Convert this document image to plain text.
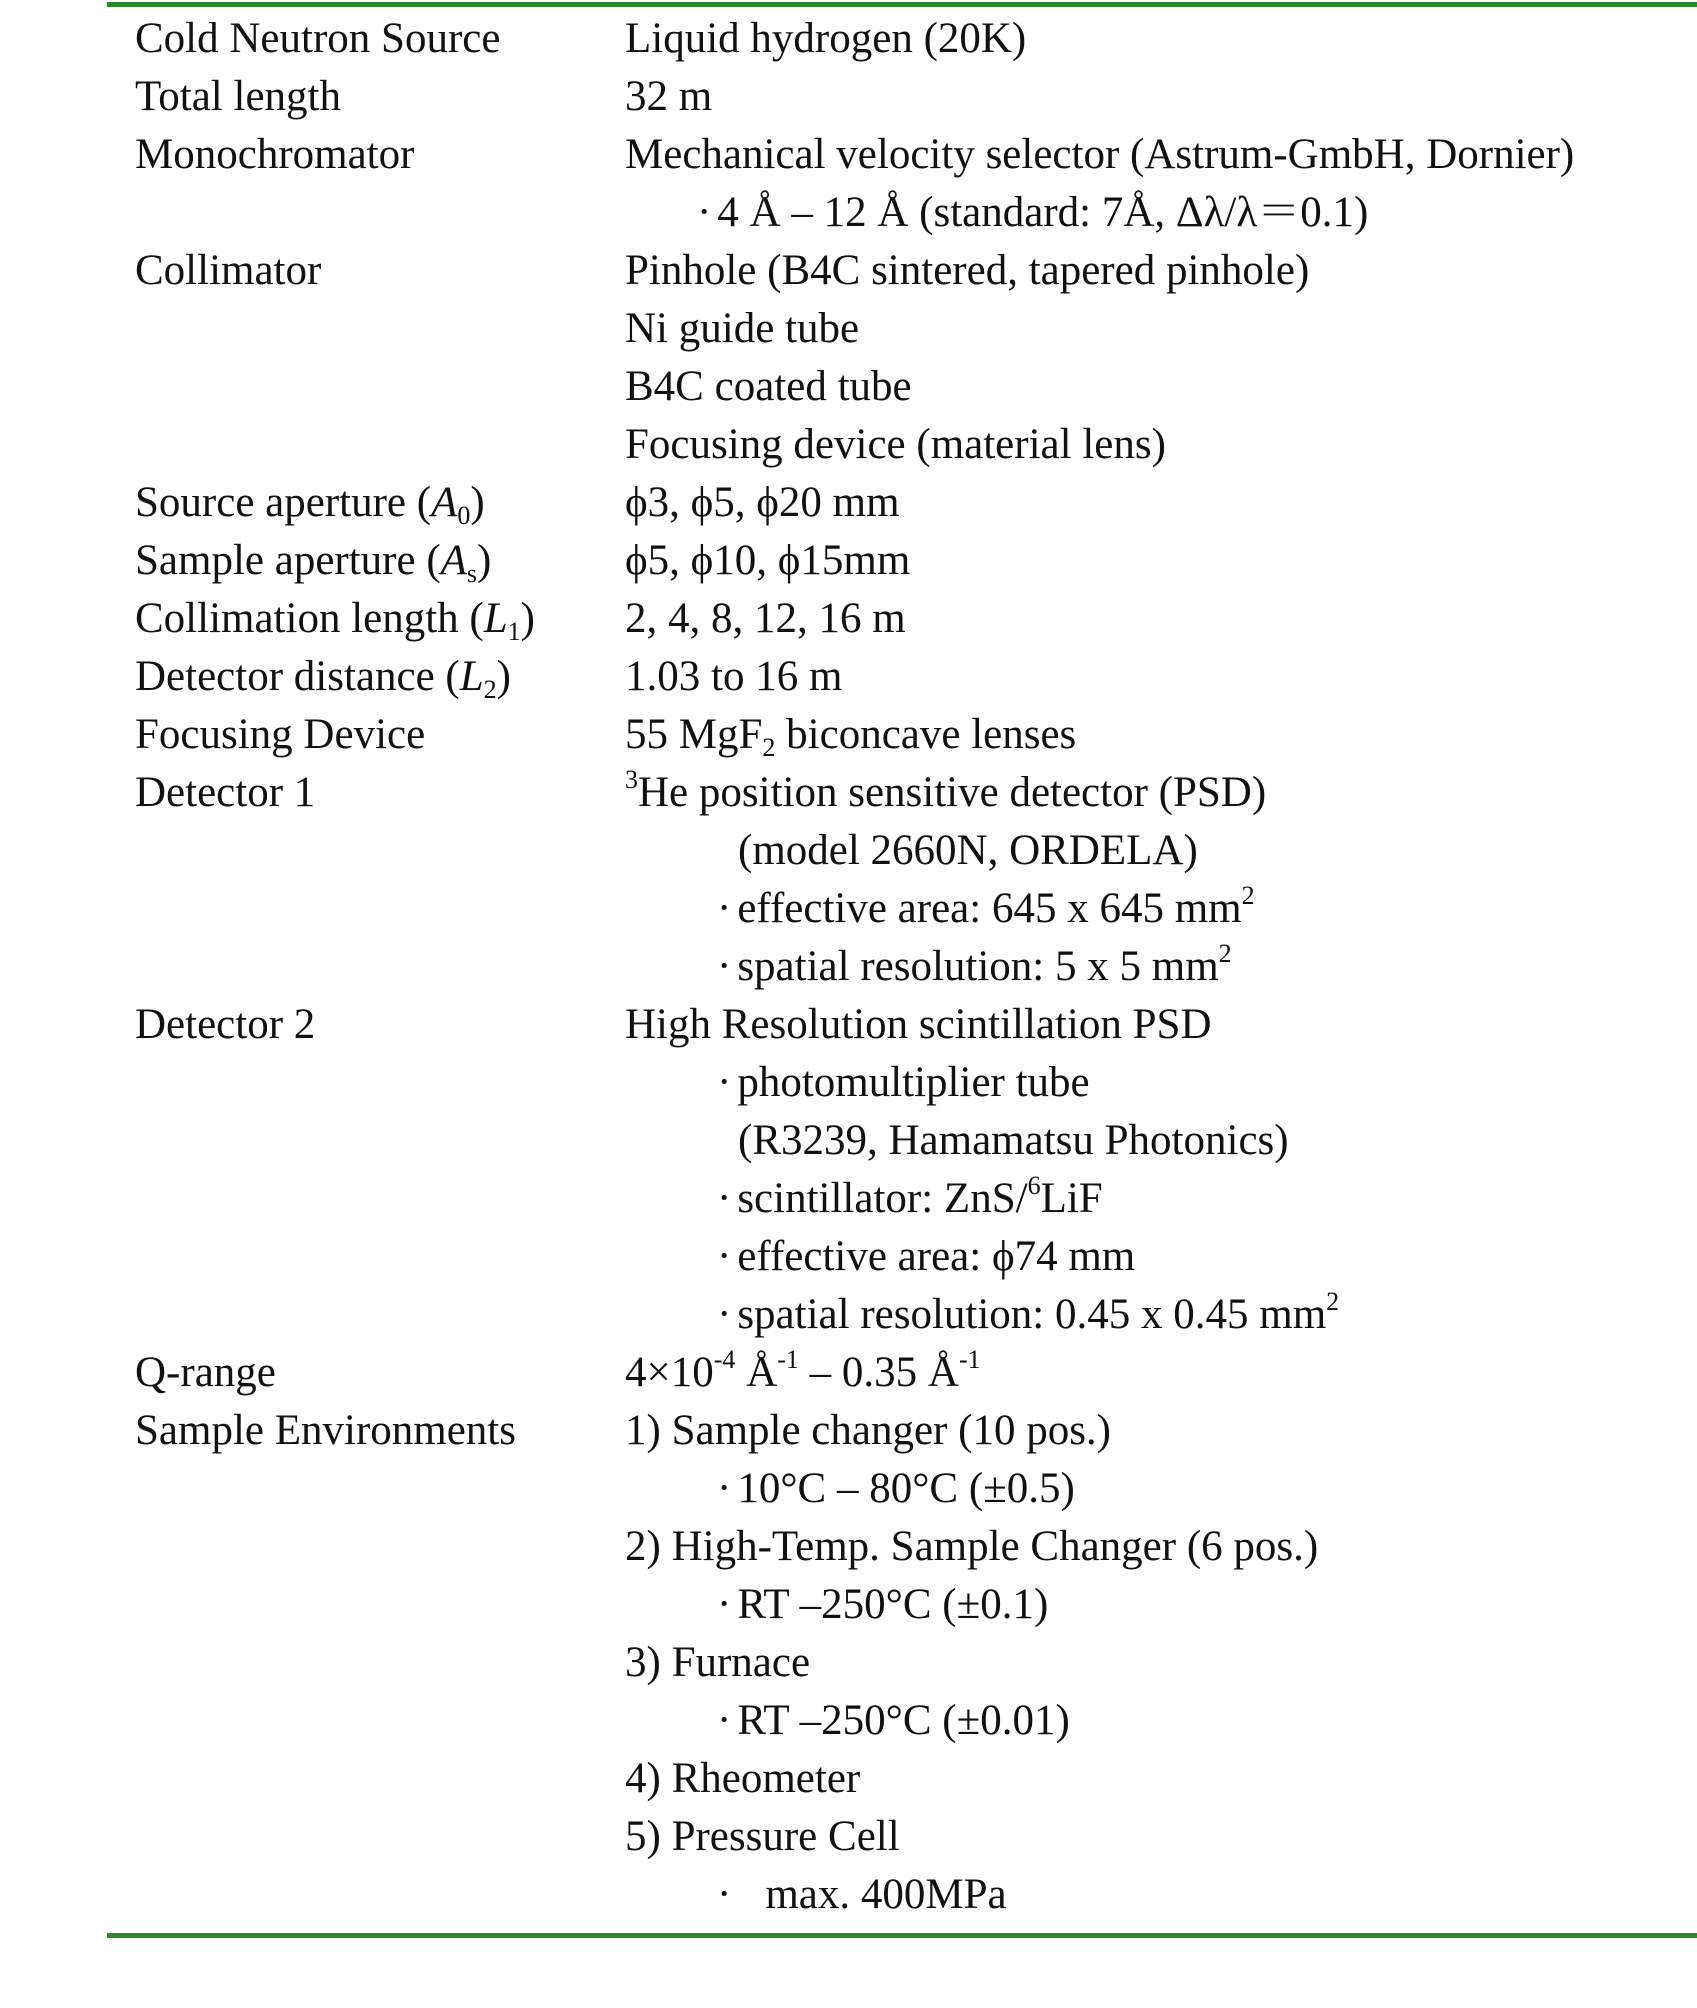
Cold Neutron Source	Liquid hydrogen (20K)
Total length	32 m
Monochromator	Mechanical velocity selector (Astrum-GmbH, Dornier)
· 4 Å – 12 Å (standard: 7Å, Δλ/λ＝0.1)
Collimator	Pinhole (B4C sintered, tapered pinhole)
Ni guide tube
B4C coated tube
Focusing device (material lens)
Source aperture $(A_0)$	ϕ3, ϕ5, ϕ20 mm
Sample aperture $(A_s)$	ϕ5, ϕ10, ϕ15mm
Collimation length $(L_1)$ 2, 4, 8, 12, 16 m
Detector distance $(L_2)$	1.03 to 16 m
Focusing Device	55 MgF$_2$ biconcave lenses
Detector 1	$^3$He position sensitive detector (PSD)
(model 2660N, ORDELA)
· effective area: 645 x 645 $mm^2$
· spatial resolution: 5 x 5 $mm^2$
Detector 2	High Resolution scintillation PSD
· photomultiplier tube
(R3239, Hamamatsu Photonics)
· scintillator: ZnS/$^6$LiF
· effective area: ϕ74 mm
· spatial resolution: 0.45 x 0.45 $mm^2$
Q-range	$4\times 10^{-4}$ $Å^{-1} - 0.35$ $Å^{-1}$
Sample Environments	1) Sample changer (10 pos.)
· 10°C – 80°C (±0.5)
2) High-Temp. Sample Changer (6 pos.)
· RT –250°C (±0.1)
3) Furnace
· RT –250°C (±0.01)
4) Rheometer
5) Pressure Cell
· max. 400MPa
